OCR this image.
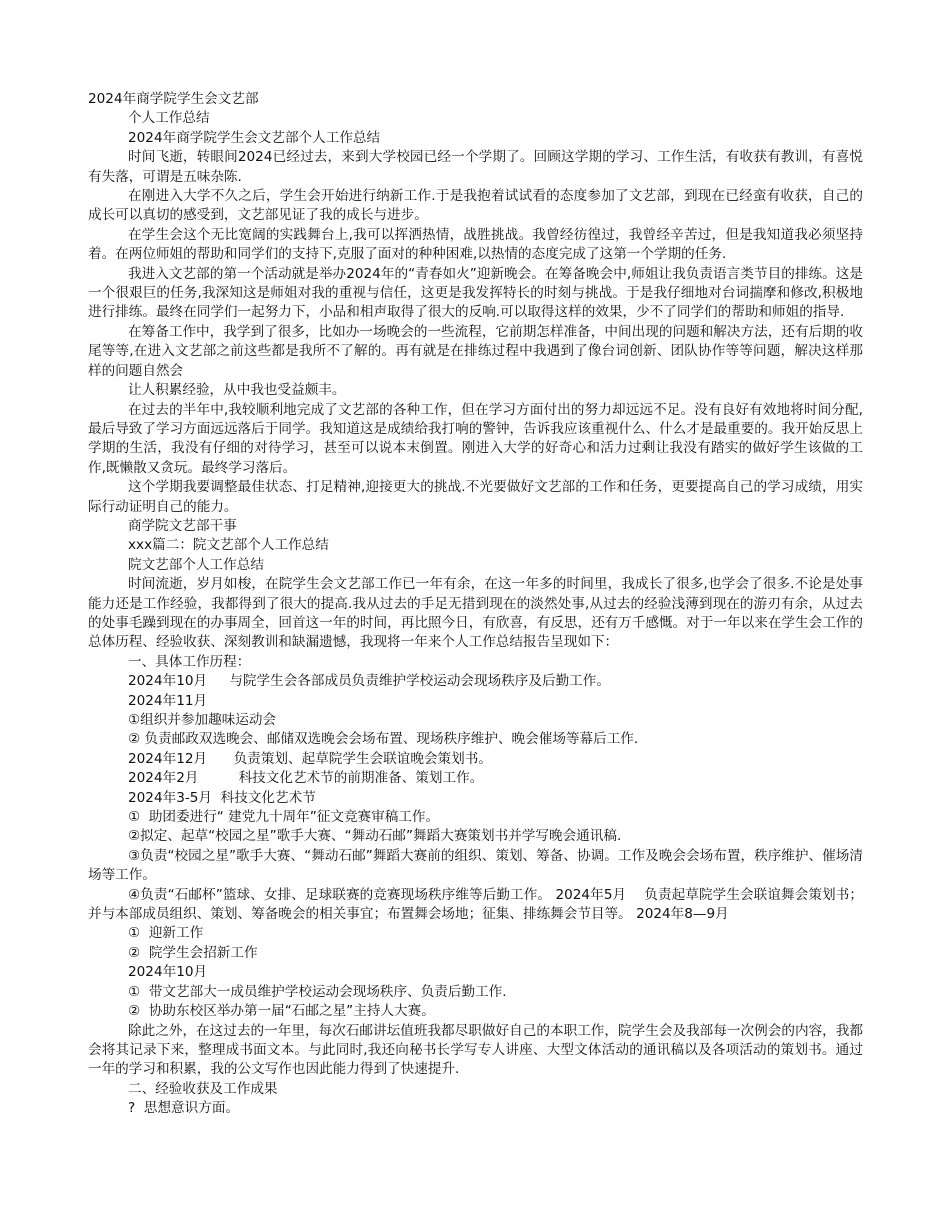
2024年商学院学生会文艺部

个人工作总结

2024年商学院学生会文艺部个人工作总结

时间飞逝，转眼间2024已经过去，来到大学校园已经一个学期了。回顾这学期的学习、工作生活，有收获有教训，有喜悦有失落，可谓是五味杂陈.

在刚进入大学不久之后，学生会开始进行纳新工作.于是我抱着试试看的态度参加了文艺部，到现在已经蛮有收获，自己的成长可以真切的感受到，文艺部见证了我的成长与进步。

在学生会这个无比宽阔的实践舞台上,我可以挥洒热情，战胜挑战。我曾经彷徨过，我曾经辛苦过，但是我知道我必须坚持着。在两位师姐的帮助和同学们的支持下,克服了面对的种种困难,以热情的态度完成了这第一个学期的任务.

我进入文艺部的第一个活动就是举办2024年的“青春如火”迎新晚会。在筹备晚会中,师姐让我负责语言类节目的排练。这是一个很艰巨的任务,我深知这是师姐对我的重视与信任，这更是我发挥特长的时刻与挑战。于是我仔细地对台词揣摩和修改,积极地进行排练。最终在同学们一起努力下，小品和相声取得了很大的反响.可以取得这样的效果，少不了同学们的帮助和师姐的指导.

在筹备工作中，我学到了很多，比如办一场晚会的一些流程，它前期怎样准备，中间出现的问题和解决方法，还有后期的收尾等等,在进入文艺部之前这些都是我所不了解的。再有就是在排练过程中我遇到了像台词创新、团队协作等等问题，解决这样那样的问题自然会

让人积累经验，从中我也受益颇丰。

在过去的半年中,我较顺利地完成了文艺部的各种工作，但在学习方面付出的努力却远远不足。没有良好有效地将时间分配,最后导致了学习方面远远落后于同学。我知道这是成绩给我打响的警钟，告诉我应该重视什么、什么才是最重要的。我开始反思上学期的生活，我没有仔细的对待学习，甚至可以说本末倒置。刚进入大学的好奇心和活力过剩让我没有踏实的做好学生该做的工作,既懒散又贪玩。最终学习落后。

这个学期我要调整最佳状态、打足精神,迎接更大的挑战.不光要做好文艺部的工作和任务，更要提高自己的学习成绩，用实际行动证明自己的能力。

商学院文艺部干事

xxx篇二：院文艺部个人工作总结

院文艺部个人工作总结

时间流逝，岁月如梭，在院学生会文艺部工作已一年有余，在这一年多的时间里，我成长了很多,也学会了很多.不论是处事能力还是工作经验，我都得到了很大的提高.我从过去的手足无措到现在的淡然处事,从过去的经验浅薄到现在的游刃有余，从过去的处事毛躁到现在的办事周全，回首这一年的时间，再比照今日，有欣喜，有反思，还有万千感慨。对于一年以来在学生会工作的总体历程、经验收获、深刻教训和缺漏遗憾，我现将一年来个人工作总结报告呈现如下：

一、具体工作历程：

2024年10月　  与院学生会各部成员负责维护学校运动会现场秩序及后勤工作。

2024年11月

①组织并参加趣味运动会

② 负责邮政双选晚会、邮储双选晚会会场布置、现场秩序维护、晚会催场等幕后工作.

2024年12月　   负责策划、起草院学生会联谊晚会策划书。

2024年2月　　   科技文化艺术节的前期准备、策划工作。

2024年3-5月  科技文化艺术节

①  助团委进行“ 建党九十周年”征文竞赛审稿工作。

②拟定、起草“校园之星”歌手大赛、“舞动石邮”舞蹈大赛策划书并学写晚会通讯稿.

③负责“校园之星”歌手大赛、“舞动石邮”舞蹈大赛前的组织、策划、筹备、协调。工作及晚会会场布置，秩序维护、催场清场等工作。

④负责“石邮杯”篮球、女排、足球联赛的竞赛现场秩序维等后勤工作。 2024年5月　 负责起草院学生会联谊舞会策划书；并与本部成员组织、策划、筹备晚会的相关事宜；布置舞会场地；征集、排练舞会节目等。 2024年8—9月

①  迎新工作

②  院学生会招新工作

2024年10月

①  带文艺部大一成员维护学校运动会现场秩序、负责后勤工作.

②  协助东校区举办第一届“石邮之星”主持人大赛。

除此之外，在这过去的一年里，每次石邮讲坛值班我都尽职做好自己的本职工作，院学生会及我部每一次例会的内容，我都会将其记录下来，整理成书面文本。与此同时,我还向秘书长学写专人讲座、大型文体活动的通讯稿以及各项活动的策划书。通过一年的学习和积累，我的公文写作也因此能力得到了快速提升.

二、经验收获及工作成果

?  思想意识方面。
